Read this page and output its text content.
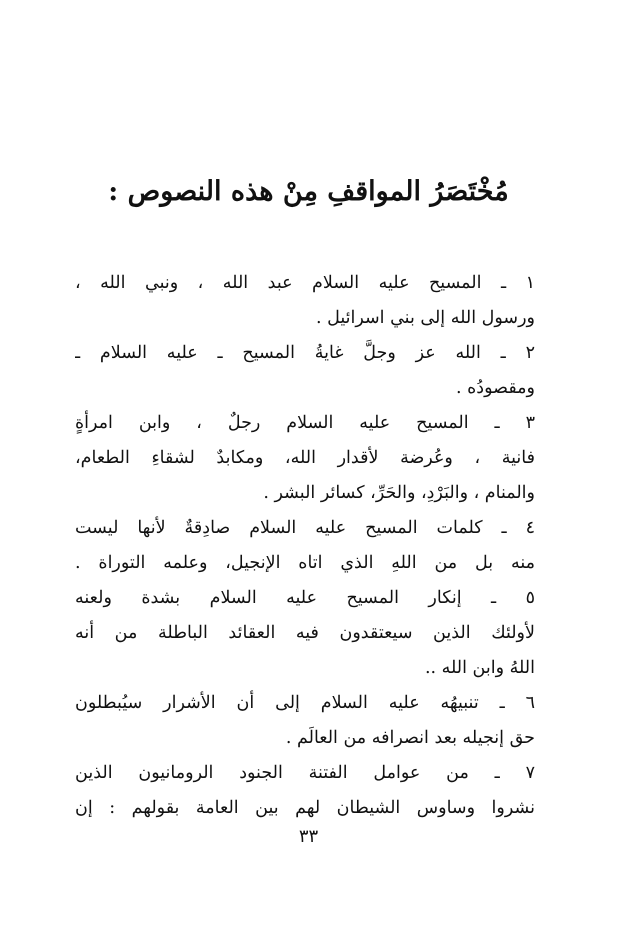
مُخْتَصَرُ المواقفِ مِنْ هذه النصوص :
١ ـ المسيح عليه السلام عبد الله ، ونبي الله ،
ورسول الله إلى بني اسرائيل .
٢ ـ الله عز وجلَّ غايةُ المسيح ـ عليه السلام ـ
ومقصودُه .
٣ ـ المسيح عليه السلام رجلٌ ، وابن امرأةٍ
فانية ، وعُرضة لأقدار الله، ومكابدٌ لشقاءِ الطعام،
والمنام ، والبَرْدِ، والحَرِّ، كسائر البشر .
٤ ـ كلمات المسيح عليه السلام صادِقةٌ لأنها ليست
منه بل من اللهِ الذي اتاه الإنجيل، وعلمه التوراة .
٥ ـ إنكار المسيح عليه السلام بشدة ولعنه
لأولئك الذين سيعتقدون فيه العقائد الباطلة من أنه
اللهُ وابن الله ..
٦ ـ تنبيهُه عليه السلام إلى أن الأشرار سيُبطلون
حق إنجيله بعد انصرافه من العالَم .
٧ ـ من عوامل الفتنة الجنود الرومانيون الذين
نشروا وساوس الشيطان لهم بين العامة بقولهم : إن
٣٣
